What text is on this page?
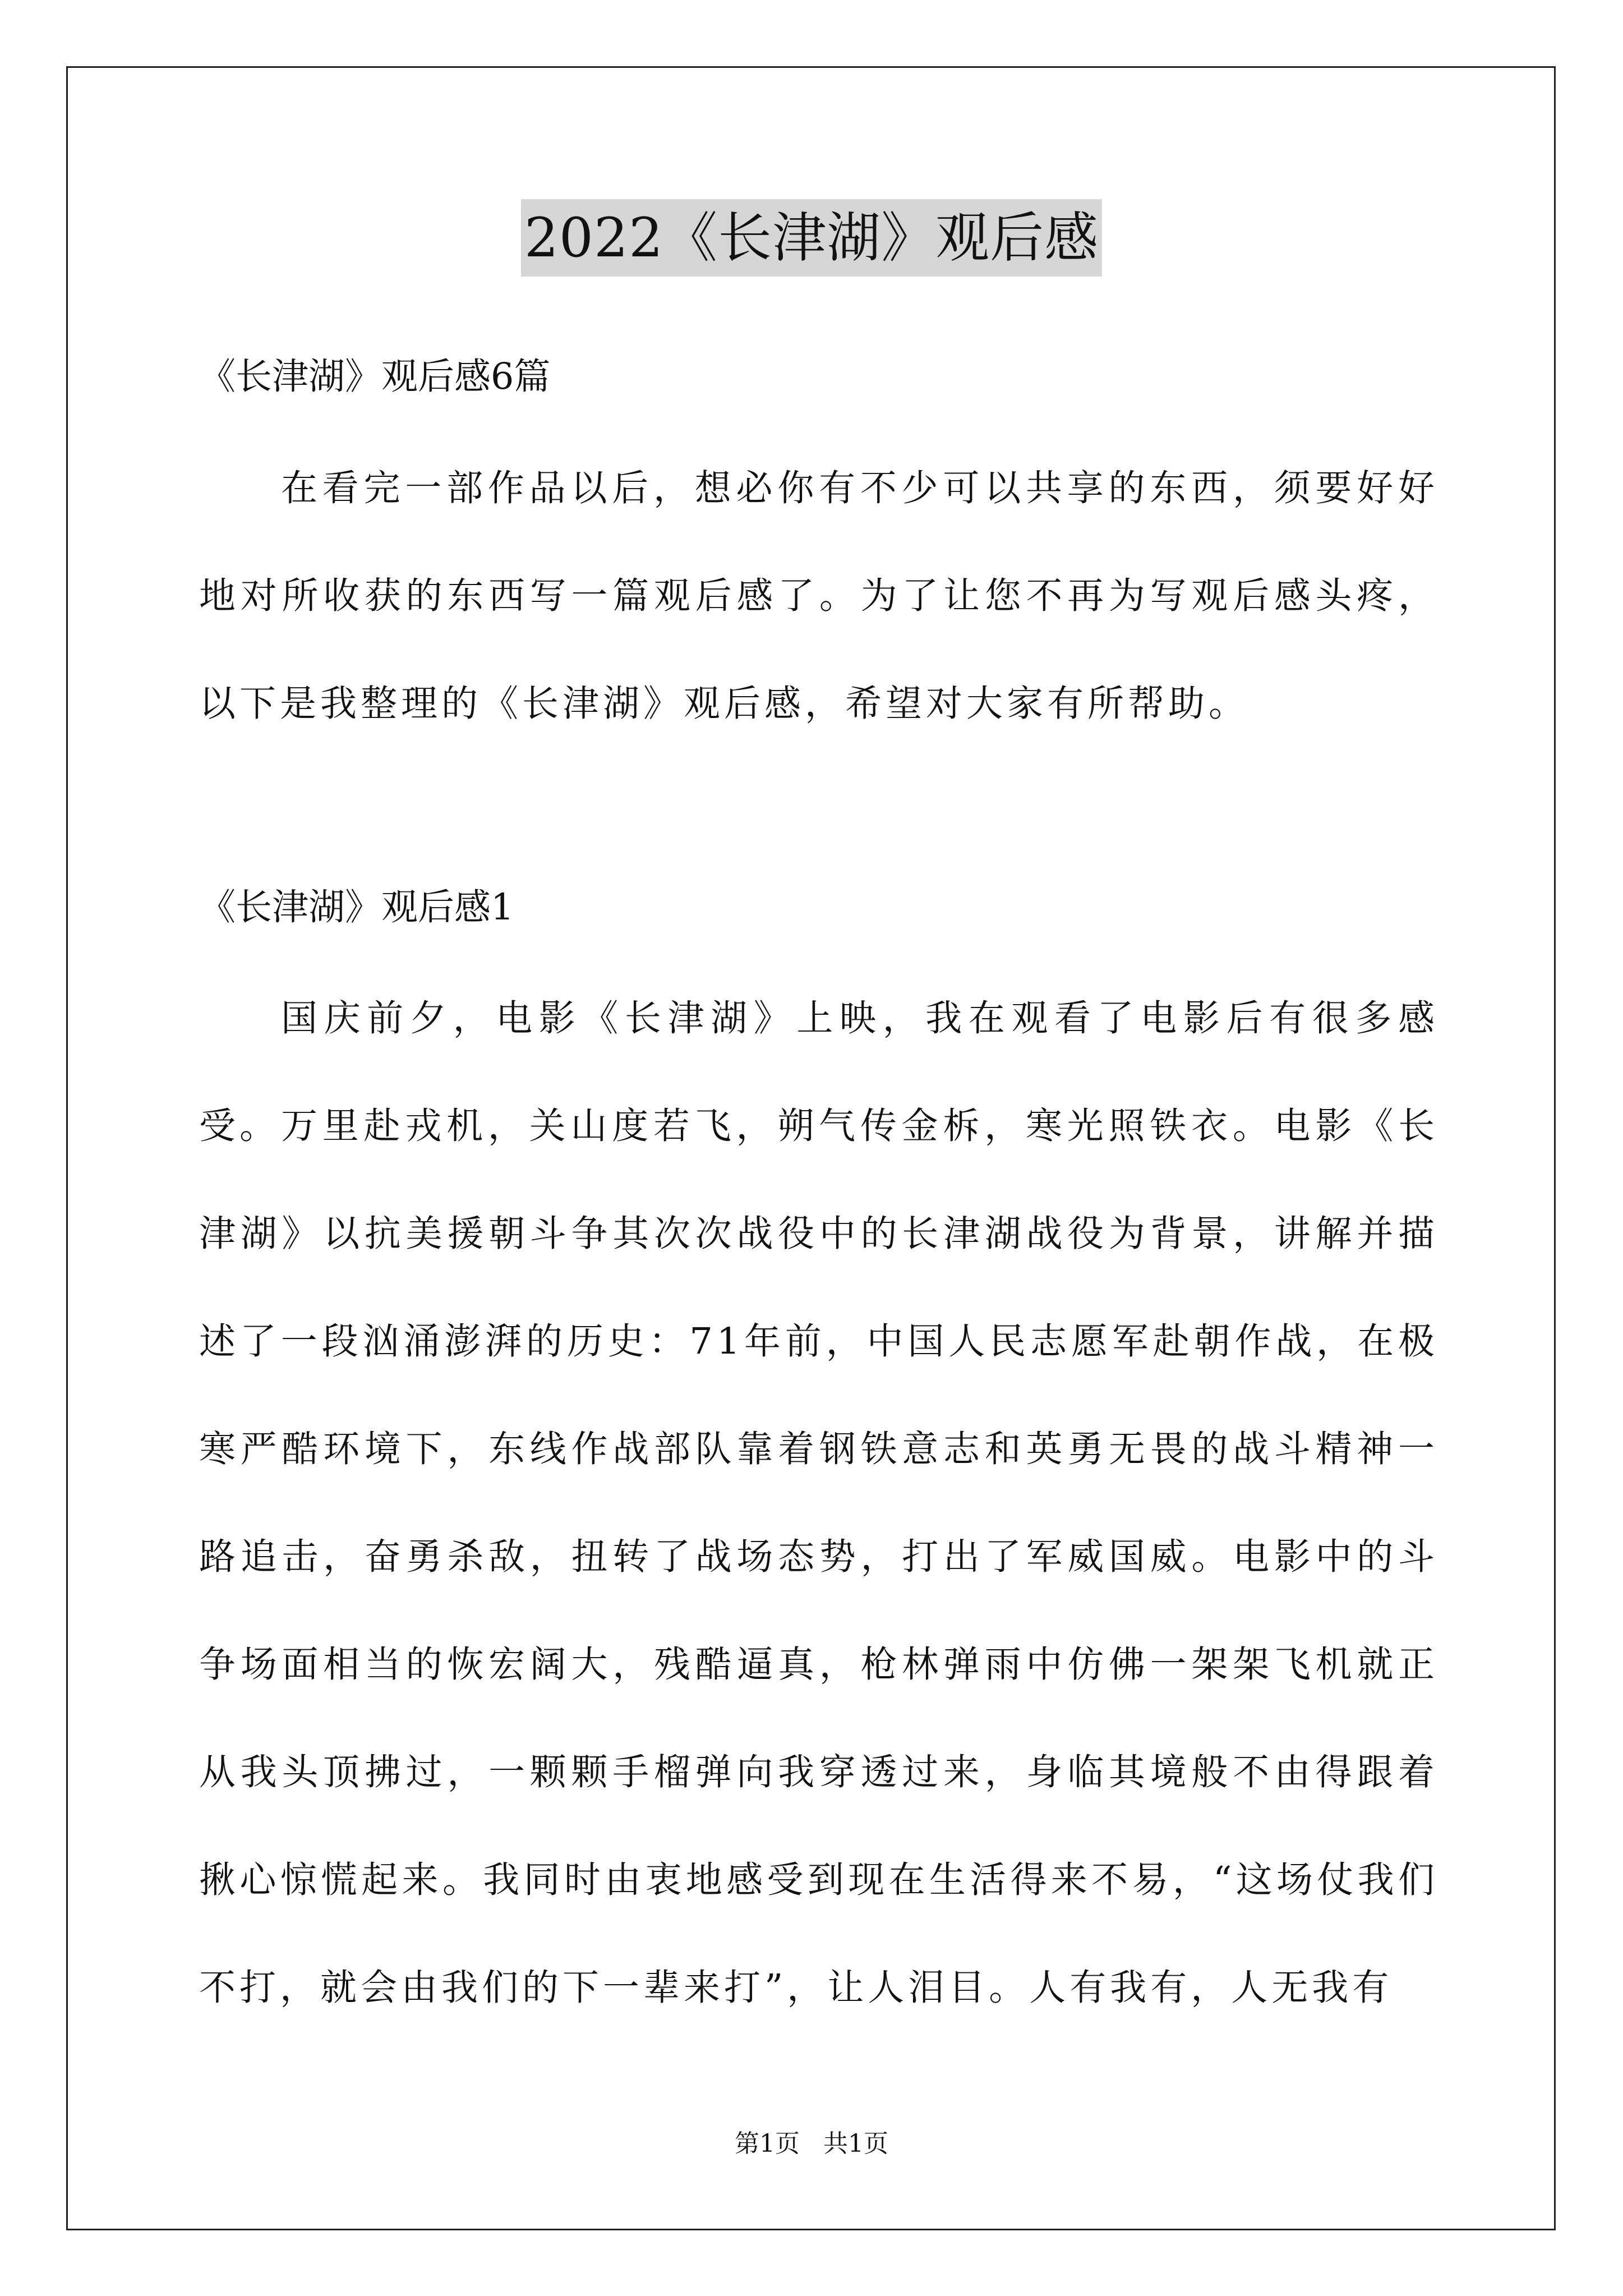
2022《长津湖》观后感
《长津湖》观后感6篇

在看完一部作品以后，想必你有不少可以共享的东西，须要好好地对所收获的东西写一篇观后感了。为了让您不再为写观后感头疼，以下是我整理的《长津湖》观后感，希望对大家有所帮助。

《长津湖》观后感1

国庆前夕，电影《长津湖》上映，我在观看了电影后有很多感受。 万里赴戎机，关山度若飞，朔气传金柝，寒光照铁衣。电影《长津湖》以抗美援朝斗争其次次战役中的长津湖战役为背景，讲解并描述了一段汹涌澎湃的历史：71年前，中国人民志愿军赴朝作战，在极寒严酷环境下，东线作战部队靠着钢铁意志和英勇无畏的战斗精神一路追击，奋勇杀敌，扭转了战场态势，打出了军威国威。电影中的斗争场面相当的恢宏阔大，残酷逼真，枪林弹雨中仿佛一架架飞机就正从我头顶拂过，一颗颗手榴弹向我穿透过来，身临其境般不由得跟着揪心惊慌起来。我同时由衷地感受到现在生活得来不易，“这场仗我们不打，就会由我们的下一辈来打”，让人泪目。人有我有，人无我有

第1页   共1页
